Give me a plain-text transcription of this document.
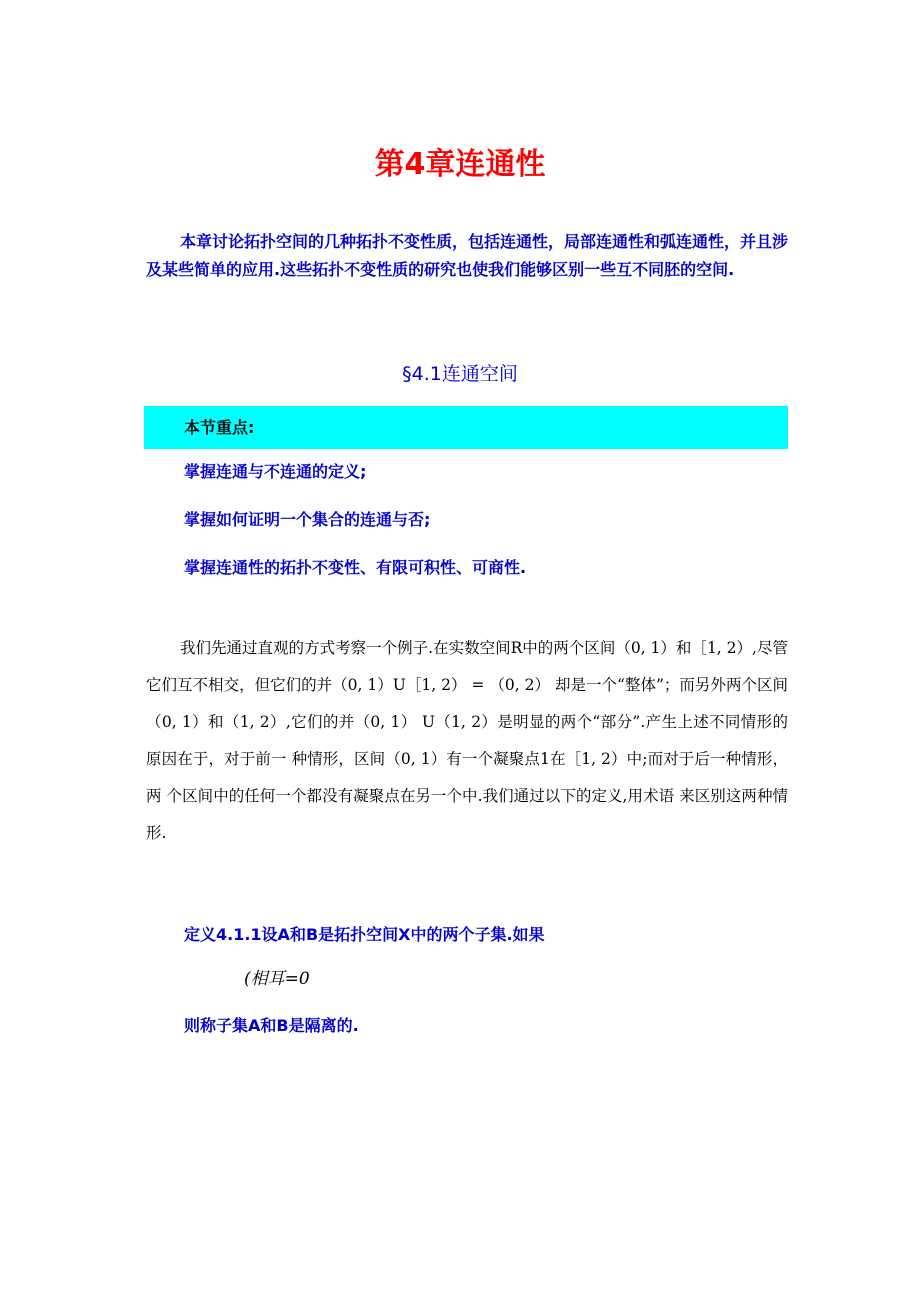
第4章连通性

本章讨论拓扑空间的几种拓扑不变性质，包括连通性，局部连通性和弧连通性，并且涉及某些简单的应用.这些拓扑不变性质的研究也使我们能够区别一些互不同胚的空间.

§4.1连通空间
本节重点:
掌握连通与不连通的定义;
掌握如何证明一个集合的连通与否;
掌握连通性的拓扑不变性、有限可积性、可商性.

我们先通过直观的方式考察一个例子.在实数空间R中的两个区间（0, 1）和［1, 2）,尽管它们互不相交，但它们的并（0, 1）U［1, 2） = （0, 2） 却是一个“整体”；而另外两个区间（0, 1）和（1, 2）,它们的并（0, 1） U（1, 2）是明显的两个“部分”.产生上述不同情形的原因在于，对于前一 种情形，区间（0, 1）有一个凝聚点1在［1, 2）中;而对于后一种情形，两 个区间中的任何一个都没有凝聚点在另一个中.我们通过以下的定义,用术语 来区别这两种情形.

定义4.1.1设A和B是拓扑空间X中的两个子集.如果
(相耳=0
则称子集A和B是隔离的.
